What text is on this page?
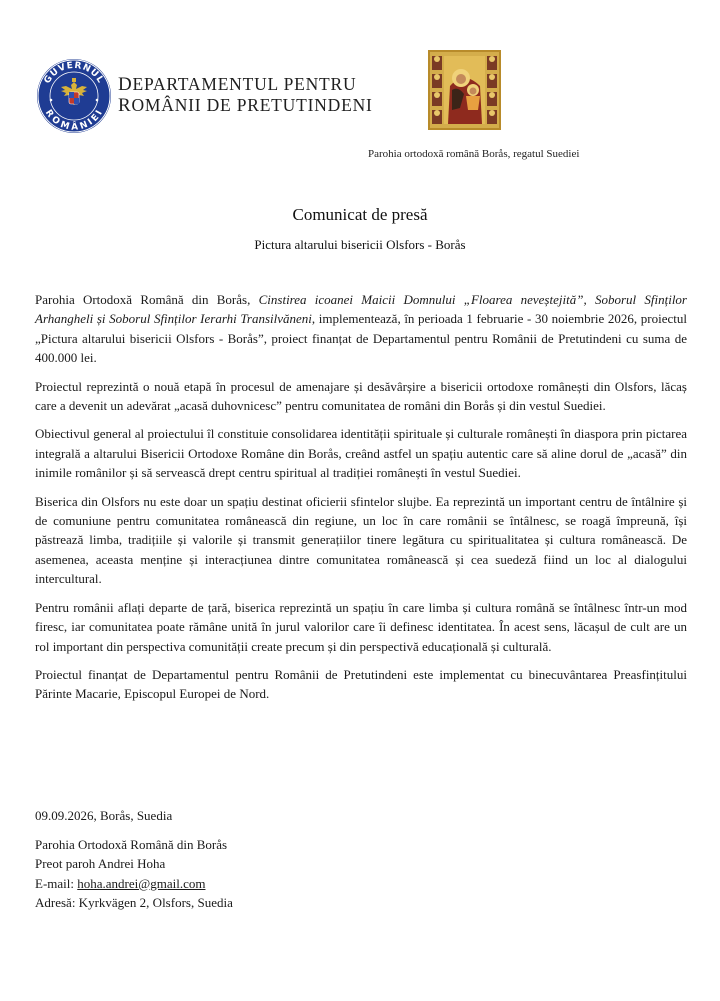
GUVERNUL
ROMÂNIEI
DEPARTAMENTUL PENTRU
ROMÂNII DE PRETUTINDENI
Parohia ortodoxă română Borås, regatul Suediei
Comunicat de presă
Pictura altarului bisericii Olsfors - Borås

Parohia Ortodoxă Română din Borås, Cinstirea icoanei Maicii Domnului „Floarea neveștejită”, Soborul Sfinților Arhangheli și Soborul Sfinților Ierarhi Transilvăneni, implementează, în perioada 1 februarie - 30 noiembrie 2026, proiectul „Pictura altarului bisericii Olsfors - Borås”, proiect finanțat de Departamentul pentru Românii de Pretutindeni cu suma de 400.000 lei.

Proiectul reprezintă o nouă etapă în procesul de amenajare și desăvârșire a bisericii ortodoxe românești din Olsfors, lăcaș care a devenit un adevărat „acasă duhovnicesc” pentru comunitatea de români din Borås și din vestul Suediei.

Obiectivul general al proiectului îl constituie consolidarea identității spirituale și culturale românești în diaspora prin pictarea integrală a altarului Bisericii Ortodoxe Române din Borås, creând astfel un spațiu autentic care să aline dorul de „acasă” din inimile românilor și să servească drept centru spiritual al tradiției românești în vestul Suediei.

Biserica din Olsfors nu este doar un spațiu destinat oficierii sfintelor slujbe. Ea reprezintă un important centru de întâlnire și de comuniune pentru comunitatea românească din regiune, un loc în care românii se întâlnesc, se roagă împreună, își păstrează limba, tradițiile și valorile și transmit generațiilor tinere legătura cu spiritualitatea și cultura românească. De asemenea, aceasta menține și interacțiunea dintre comunitatea românească și cea suedeză fiind un loc al dialogului intercultural.

Pentru românii aflați departe de țară, biserica reprezintă un spațiu în care limba și cultura română se întâlnesc într-un mod firesc, iar comunitatea poate rămâne unită în jurul valorilor care îi definesc identitatea. În acest sens, lăcașul de cult are un rol important din perspectiva comunității create precum și din perspectivă educațională și culturală.

Proiectul finanțat de Departamentul pentru Românii de Pretutindeni este implementat cu binecuvântarea Preasfințitului Părinte Macarie, Episcopul Europei de Nord.

09.09.2026, Borås, Suedia
Parohia Ortodoxă Română din Borås
Preot paroh Andrei Hoha
E-mail: hoha.andrei@gmail.com
Adresă: Kyrkvägen 2, Olsfors, Suedia
